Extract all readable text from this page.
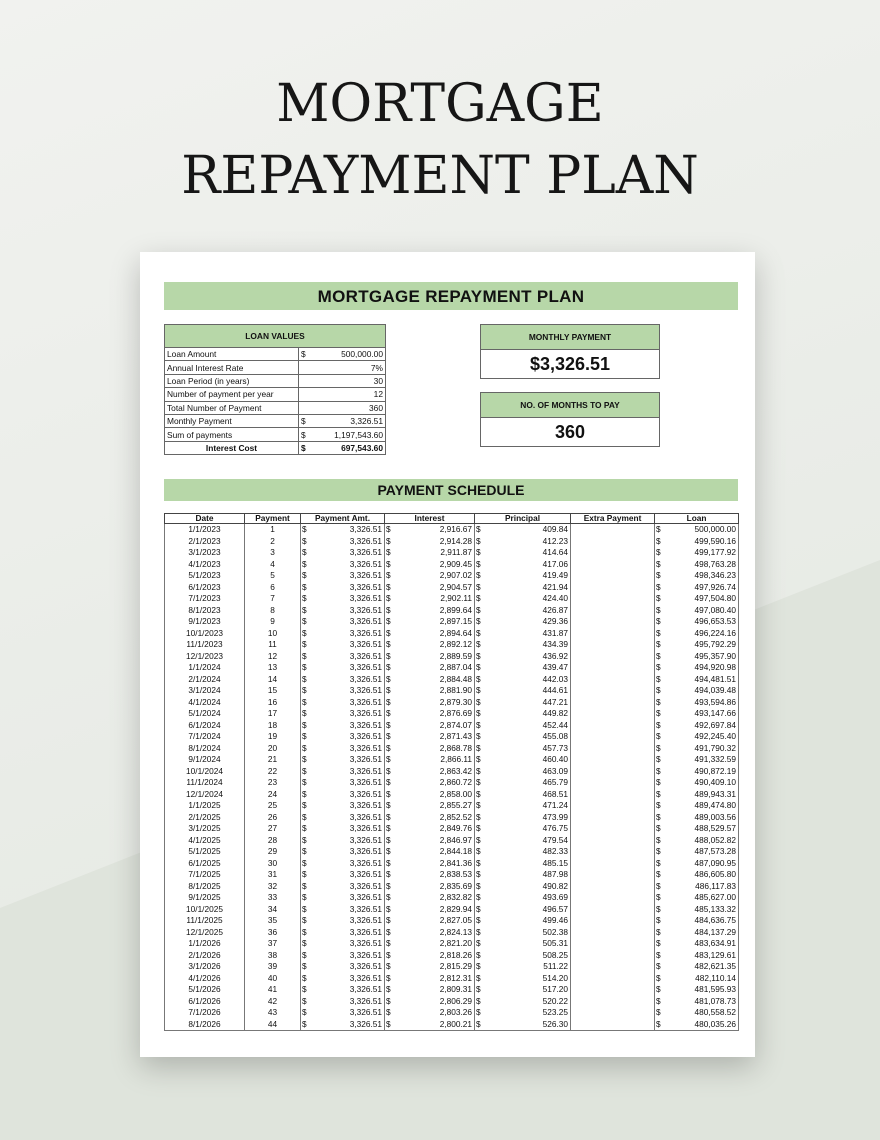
MORTGAGE
REPAYMENT PLAN
MORTGAGE REPAYMENT PLAN
LOAN VALUES		
Loan Amount	$	500,000.00
Annual Interest Rate		7%
Loan Period (in years)		30
Number of payment per year		12
Total Number of Payment		360
Monthly Payment	$	3,326.51
Sum of payments	$	1,197,543.60
Interest Cost	$	697,543.60
MONTHLY PAYMENT
$3,326.51
NO. OF MONTHS TO PAY
360
PAYMENT SCHEDULE
Date	Payment	Payment Amt.		Interest		Principal		Extra Payment	Loan	
1/1/2023	1	$	3,326.51	$	2,916.67	$	409.84		$	500,000.00
2/1/2023	2	$	3,326.51	$	2,914.28	$	412.23		$	499,590.16
3/1/2023	3	$	3,326.51	$	2,911.87	$	414.64		$	499,177.92
4/1/2023	4	$	3,326.51	$	2,909.45	$	417.06		$	498,763.28
5/1/2023	5	$	3,326.51	$	2,907.02	$	419.49		$	498,346.23
6/1/2023	6	$	3,326.51	$	2,904.57	$	421.94		$	497,926.74
7/1/2023	7	$	3,326.51	$	2,902.11	$	424.40		$	497,504.80
8/1/2023	8	$	3,326.51	$	2,899.64	$	426.87		$	497,080.40
9/1/2023	9	$	3,326.51	$	2,897.15	$	429.36		$	496,653.53
10/1/2023	10	$	3,326.51	$	2,894.64	$	431.87		$	496,224.16
11/1/2023	11	$	3,326.51	$	2,892.12	$	434.39		$	495,792.29
12/1/2023	12	$	3,326.51	$	2,889.59	$	436.92		$	495,357.90
1/1/2024	13	$	3,326.51	$	2,887.04	$	439.47		$	494,920.98
2/1/2024	14	$	3,326.51	$	2,884.48	$	442.03		$	494,481.51
3/1/2024	15	$	3,326.51	$	2,881.90	$	444.61		$	494,039.48
4/1/2024	16	$	3,326.51	$	2,879.30	$	447.21		$	493,594.86
5/1/2024	17	$	3,326.51	$	2,876.69	$	449.82		$	493,147.66
6/1/2024	18	$	3,326.51	$	2,874.07	$	452.44		$	492,697.84
7/1/2024	19	$	3,326.51	$	2,871.43	$	455.08		$	492,245.40
8/1/2024	20	$	3,326.51	$	2,868.78	$	457.73		$	491,790.32
9/1/2024	21	$	3,326.51	$	2,866.11	$	460.40		$	491,332.59
10/1/2024	22	$	3,326.51	$	2,863.42	$	463.09		$	490,872.19
11/1/2024	23	$	3,326.51	$	2,860.72	$	465.79		$	490,409.10
12/1/2024	24	$	3,326.51	$	2,858.00	$	468.51		$	489,943.31
1/1/2025	25	$	3,326.51	$	2,855.27	$	471.24		$	489,474.80
2/1/2025	26	$	3,326.51	$	2,852.52	$	473.99		$	489,003.56
3/1/2025	27	$	3,326.51	$	2,849.76	$	476.75		$	488,529.57
4/1/2025	28	$	3,326.51	$	2,846.97	$	479.54		$	488,052.82
5/1/2025	29	$	3,326.51	$	2,844.18	$	482.33		$	487,573.28
6/1/2025	30	$	3,326.51	$	2,841.36	$	485.15		$	487,090.95
7/1/2025	31	$	3,326.51	$	2,838.53	$	487.98		$	486,605.80
8/1/2025	32	$	3,326.51	$	2,835.69	$	490.82		$	486,117.83
9/1/2025	33	$	3,326.51	$	2,832.82	$	493.69		$	485,627.00
10/1/2025	34	$	3,326.51	$	2,829.94	$	496.57		$	485,133.32
11/1/2025	35	$	3,326.51	$	2,827.05	$	499.46		$	484,636.75
12/1/2025	36	$	3,326.51	$	2,824.13	$	502.38		$	484,137.29
1/1/2026	37	$	3,326.51	$	2,821.20	$	505.31		$	483,634.91
2/1/2026	38	$	3,326.51	$	2,818.26	$	508.25		$	483,129.61
3/1/2026	39	$	3,326.51	$	2,815.29	$	511.22		$	482,621.35
4/1/2026	40	$	3,326.51	$	2,812.31	$	514.20		$	482,110.14
5/1/2026	41	$	3,326.51	$	2,809.31	$	517.20		$	481,595.93
6/1/2026	42	$	3,326.51	$	2,806.29	$	520.22		$	481,078.73
7/1/2026	43	$	3,326.51	$	2,803.26	$	523.25		$	480,558.52
8/1/2026	44	$	3,326.51	$	2,800.21	$	526.30		$	480,035.26
